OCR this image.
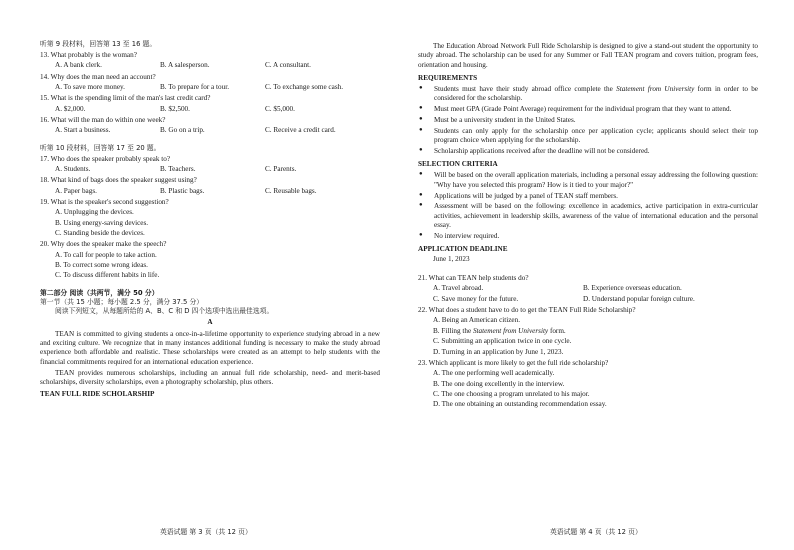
听第 9 段材料，回答第 13 至 16 题。
13. What probably is the woman?
A. A bank clerk.	B. A salesperson.	C. A consultant.
14. Why does the man need an account?
A. To save more money.	B. To prepare for a tour.	C. To exchange some cash.
15. What is the spending limit of the man's last credit card?
A. $2,000.	B. $2,500.	C. $5,000.
16. What will the man do within one week?
A. Start a business.	B. Go on a trip.	C. Receive a credit card.
听第 10 段材料，回答第 17 至 20 题。
17. Who does the speaker probably speak to?
A. Students.	B. Teachers.	C. Parents.
18. What kind of bags does the speaker suggest using?
A. Paper bags.	B. Plastic bags.	C. Reusable bags.
19. What is the speaker's second suggestion?
A. Unplugging the devices.
B. Using energy-saving devices.
C. Standing beside the devices.
20. Why does the speaker make the speech?
A. To call for people to take action.
B. To correct some wrong ideas.
C. To discuss different habits in life.
第二部分 阅读（共两节，满分 50 分）
第一节（共 15 小题；每小题 2.5 分，满分 37.5 分）
阅读下列短文，从每题所给的 A、B、C 和 D 四个选项中选出最佳选项。
A
TEAN is committed to giving students a once-in-a-lifetime opportunity to experience studying abroad in a new and exciting culture. We recognize that in many instances additional funding is necessary to make the study abroad experience both affordable and realistic. These scholarships were created as an attempt to help students with the financial commitments required for an international education experience.
TEAN provides numerous scholarships, including an annual full ride scholarship, need- and merit-based scholarships, diversity scholarships, even a photography scholarship, plus others.
TEAN FULL RIDE SCHOLARSHIP
英语试题 第 3 页（共 12 页）
The Education Abroad Network Full Ride Scholarship is designed to give a stand-out student the opportunity to study abroad. The scholarship can be used for any Summer or Fall TEAN program and covers tuition, program fees, orientation and housing.
REQUIREMENTS
● Students must have their study abroad office complete the Statement from University form in order to be considered for the scholarship.
● Must meet GPA (Grade Point Average) requirement for the individual program that they want to attend.
● Must be a university student in the United States.
● Students can only apply for the scholarship once per application cycle; applicants should select their top program choice when applying for the scholarship.
● Scholarship applications received after the deadline will not be considered.
SELECTION CRITERIA
● Will be based on the overall application materials, including a personal essay addressing the following question: "Why have you selected this program? How is it tied to your major?"
● Applications will be judged by a panel of TEAN staff members.
● Assessment will be based on the following: excellence in academics, active participation in extra-curricular activities, achievement in leadership skills, awareness of the value of international education and the personal essay.
● No interview required.
APPLICATION DEADLINE
June 1, 2023
21. What can TEAN help students do?
A. Travel abroad.	B. Experience overseas education.
C. Save money for the future.	D. Understand popular foreign culture.
22. What does a student have to do to get the TEAN Full Ride Scholarship?
A. Being an American citizen.
B. Filling the Statement from University form.
C. Submitting an application twice in one cycle.
D. Turning in an application by June 1, 2023.
23. Which applicant is more likely to get the full ride scholarship?
A. The one performing well academically.
B. The one doing excellently in the interview.
C. The one choosing a program unrelated to his major.
D. The one obtaining an outstanding recommendation essay.
英语试题 第 4 页（共 12 页）
